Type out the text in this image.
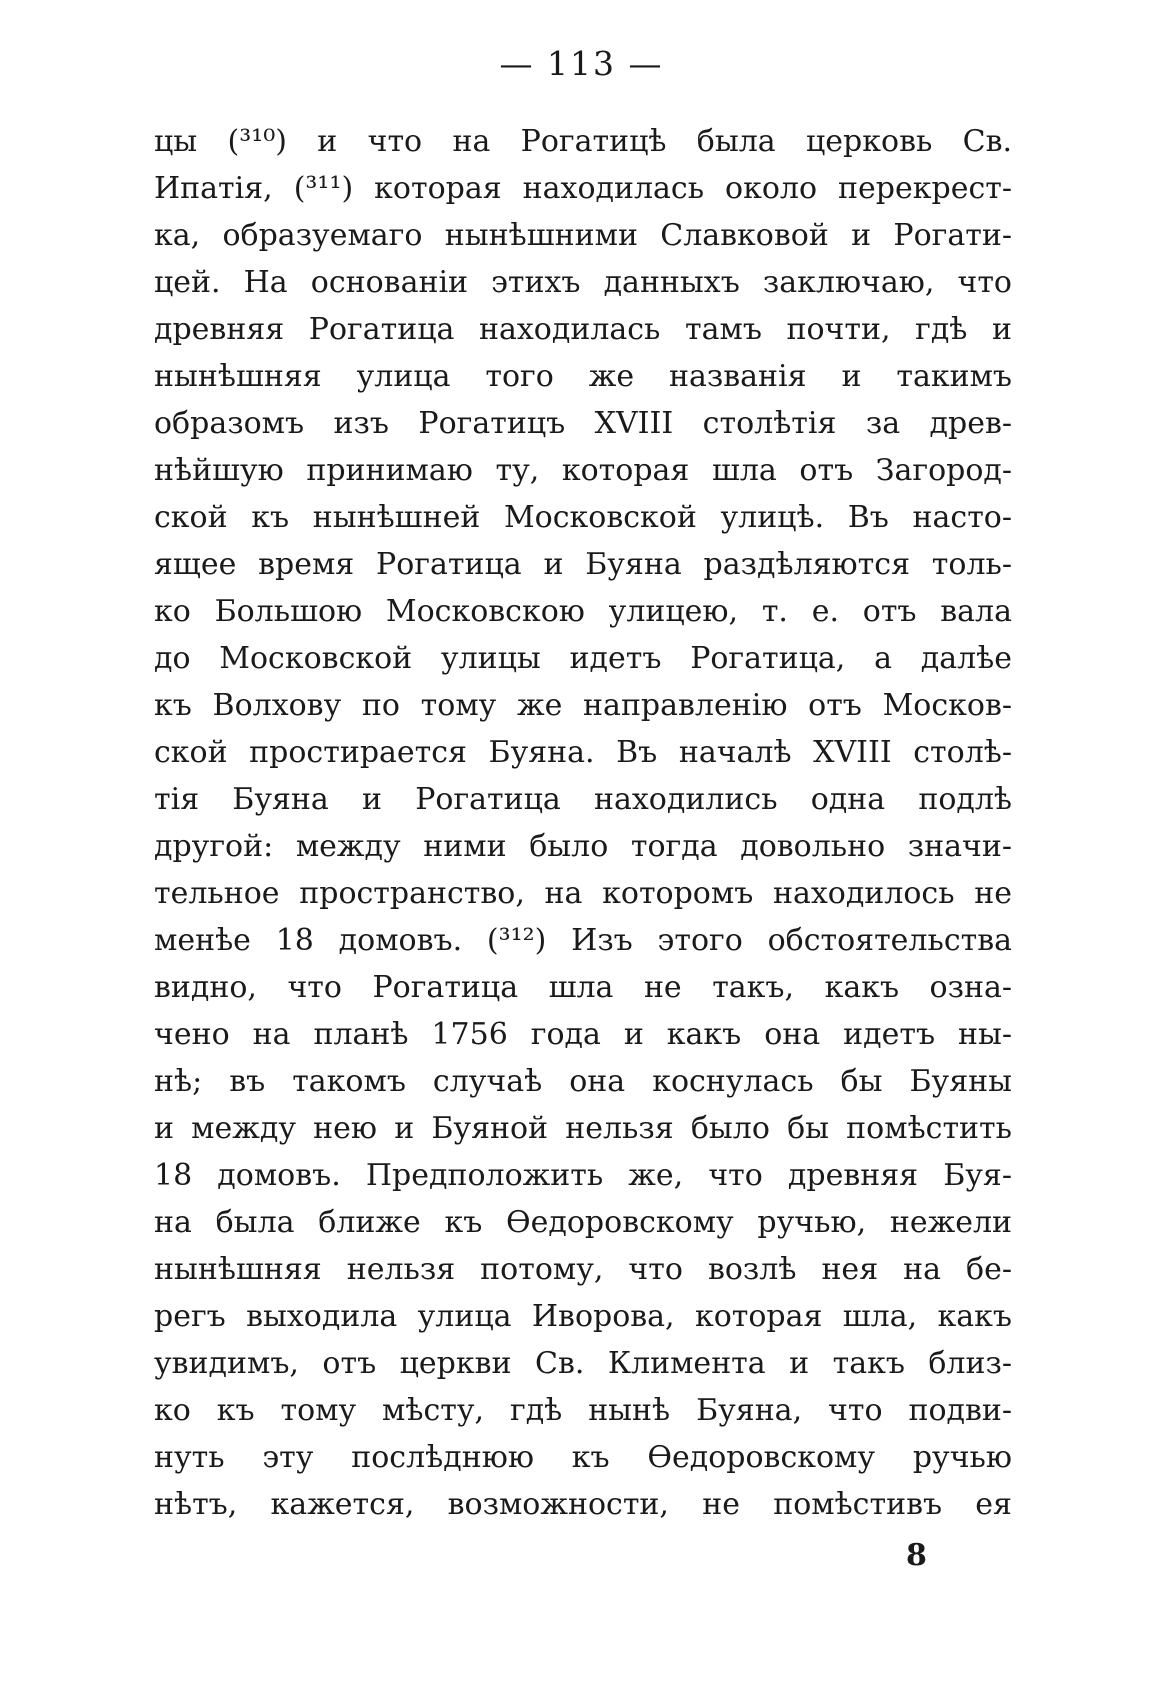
— 113 —
цы (³¹⁰) и что на Рогатицѣ была церковь Св.
Ипатія, (³¹¹) которая находилась около перекрест-
ка, образуемаго нынѣшними Славковой и Рогати-
цей. На основаніи этихъ данныхъ заключаю, что
древняя Рогатица находилась тамъ почти, гдѣ и
нынѣшняя улица того же названія и такимъ
образомъ изъ Рогатицъ XVIII столѣтія за древ-
нѣйшую принимаю ту, которая шла отъ Загород-
ской къ нынѣшней Московской улицѣ. Въ насто-
ящее время Рогатица и Буяна раздѣляются толь-
ко Большою Московскою улицею, т. е. отъ вала
до Московской улицы идетъ Рогатица, а далѣе
къ Волхову по тому же направленію отъ Москов-
ской простирается Буяна. Въ началѣ XVIII столѣ-
тія Буяна и Рогатица находились одна подлѣ
другой: между ними было тогда довольно значи-
тельное пространство, на которомъ находилось не
менѣе 18 домовъ. (³¹²) Изъ этого обстоятельства
видно, что Рогатица шла не такъ, какъ озна-
чено на планѣ 1756 года и какъ она идетъ ны-
нѣ; въ такомъ случаѣ она коснулась бы Буяны
и между нею и Буяной нельзя было бы помѣстить
18 домовъ. Предположить же, что древняя Буя-
на была ближе къ Ѳедоровскому ручью, нежели
нынѣшняя нельзя потому, что возлѣ нея на бе-
регъ выходила улица Иворова, которая шла, какъ
увидимъ, отъ церкви Св. Климента и такъ близ-
ко къ тому мѣсту, гдѣ нынѣ Буяна, что подви-
нуть эту послѣднюю къ Ѳедоровскому ручью
нѣтъ, кажется, возможности, не помѣстивъ ея
8
